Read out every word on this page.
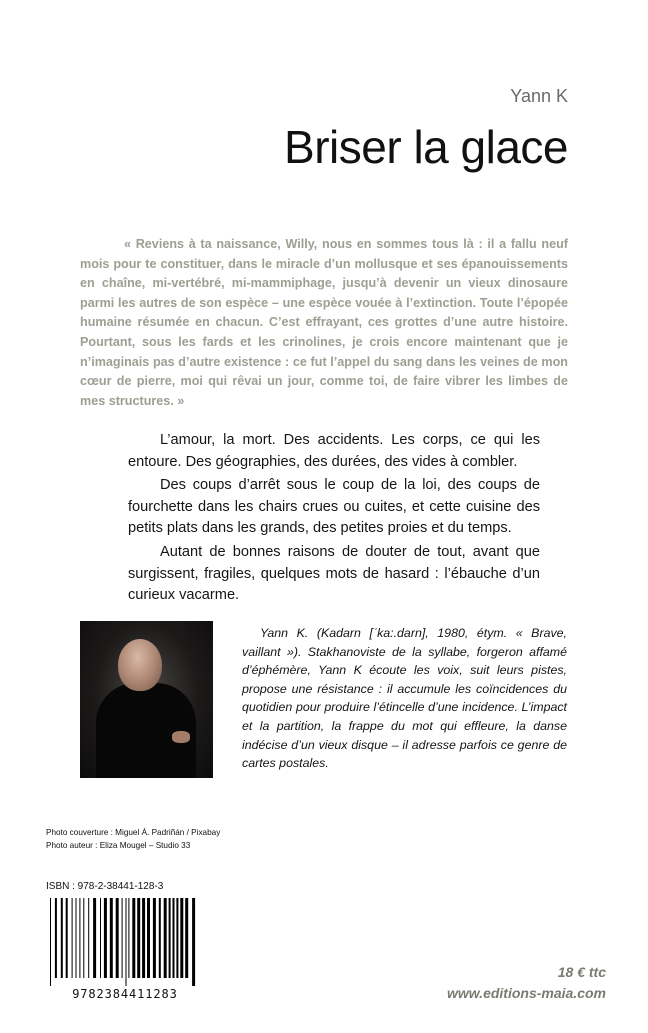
Yann K
Briser la glace

« Reviens à ta naissance, Willy, nous en sommes tous là : il a fallu neuf mois pour te constituer, dans le miracle d’un mollusque et ses épanouissements en chaîne, mi-vertébré, mi-mammiphage, jusqu’à devenir un vieux dinosaure parmi les autres de son espèce – une espèce vouée à l’extinction. Toute l’épopée humaine résumée en chacun. C’est effrayant, ces grottes d’une autre histoire. Pourtant, sous les fards et les crinolines, je crois encore maintenant que je n’imaginais pas d’autre existence : ce fut l’appel du sang dans les veines de mon cœur de pierre, moi qui rêvai un jour, comme toi, de faire vibrer les limbes de mes structures. »

L’amour, la mort. Des accidents. Les corps, ce qui les entoure. Des géographies, des durées, des vides à combler.

Des coups d’arrêt sous le coup de la loi, des coups de fourchette dans les chairs crues ou cuites, et cette cuisine des petits plats dans les grands, des petites proies et du temps.

Autant de bonnes raisons de douter de tout, avant que surgissent, fragiles, quelques mots de hasard : l’ébauche d’un curieux vacarme.

Yann K. (Kadarn [ˈka:.darn], 1980, étym. « Brave, vaillant »). Stakhanoviste de la syllabe, forgeron affamé d’éphémère, Yann K écoute les voix, suit leurs pistes, propose une résistance : il accumule les coïncidences du quotidien pour produire l’étincelle d’une incidence. L’impact et la partition, la frappe du mot qui effleure, la danse indécise d’un vieux disque – il adresse parfois ce genre de cartes postales.

Photo couverture : Miguel Á. Padriñán / Pixabay
Photo auteur : Eliza Mougel – Studio 33
ISBN : 978-2-38441-128-3
9782384411283
18 € ttc
www.editions-maia.com
